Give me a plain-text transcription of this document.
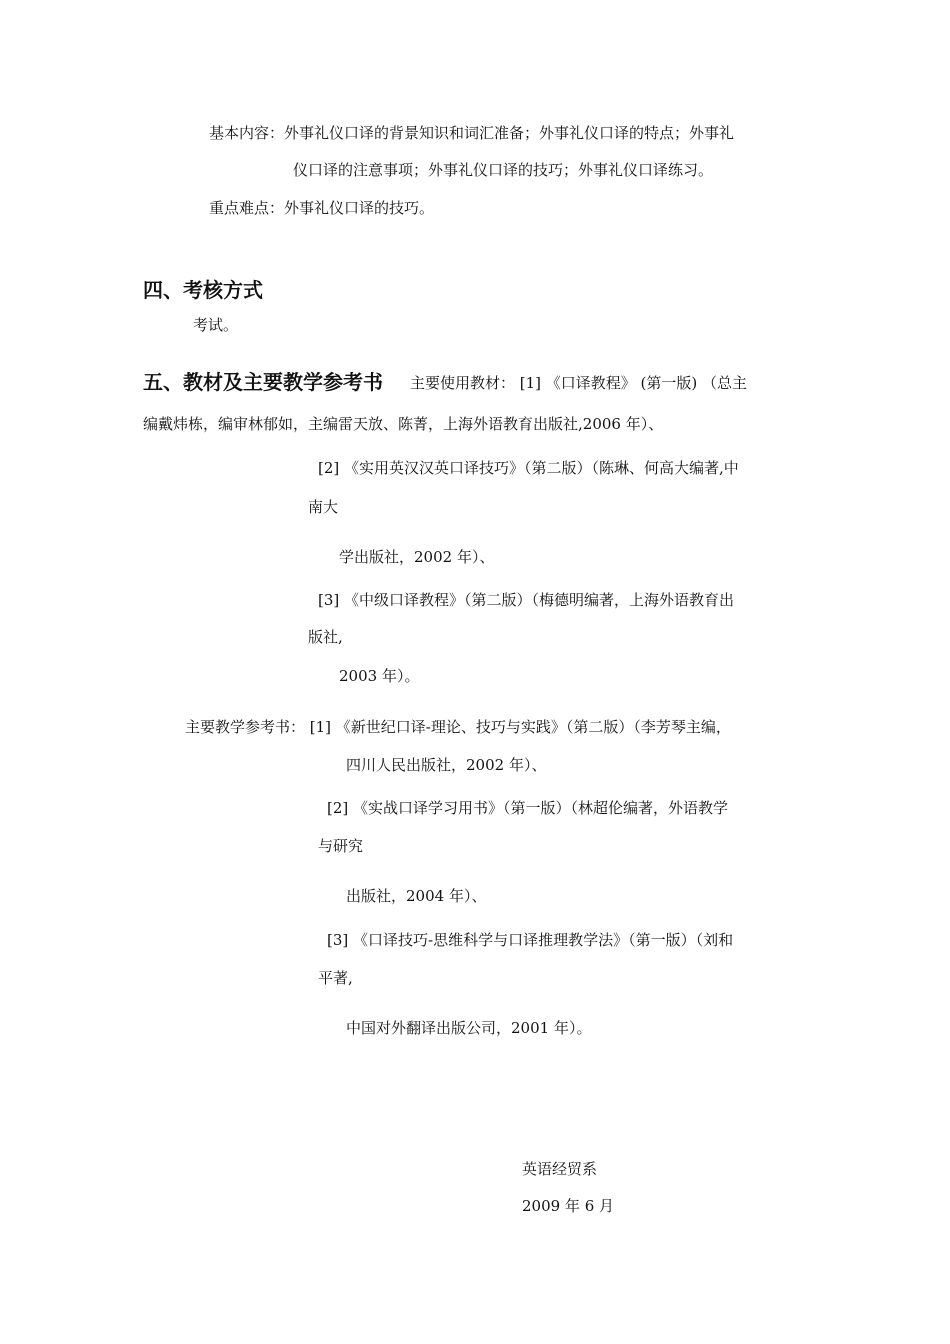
基本内容：外事礼仪口译的背景知识和词汇准备；外事礼仪口译的特点；外事礼
仪口译的注意事项；外事礼仪口译的技巧；外事礼仪口译练习。
重点难点：外事礼仪口译的技巧。
四、考核方式
考试。
五、教材及主要教学参考书 主要使用教材： [1] 《口译教程》 (第一版) （总主
编戴炜栋，编审林郁如，主编雷天放、陈菁，上海外语教育出版社,2006 年）、
[2] 《实用英汉汉英口译技巧》（第二版）（陈琳、何高大编著,中
南大
学出版社，2002 年）、
[3] 《中级口译教程》（第二版）（梅德明编著，上海外语教育出
版社,
2003 年）。
主要教学参考书： [1] 《新世纪口译-理论、技巧与实践》（第二版）（李芳琴主编，
四川人民出版社，2002 年）、
[2] 《实战口译学习用书》（第一版）（林超伦编著，外语教学
与研究
出版社，2004 年）、
[3] 《口译技巧-思维科学与口译推理教学法》（第一版）（刘和
平著,
中国对外翻译出版公司，2001 年）。
英语经贸系
2009 年 6 月
